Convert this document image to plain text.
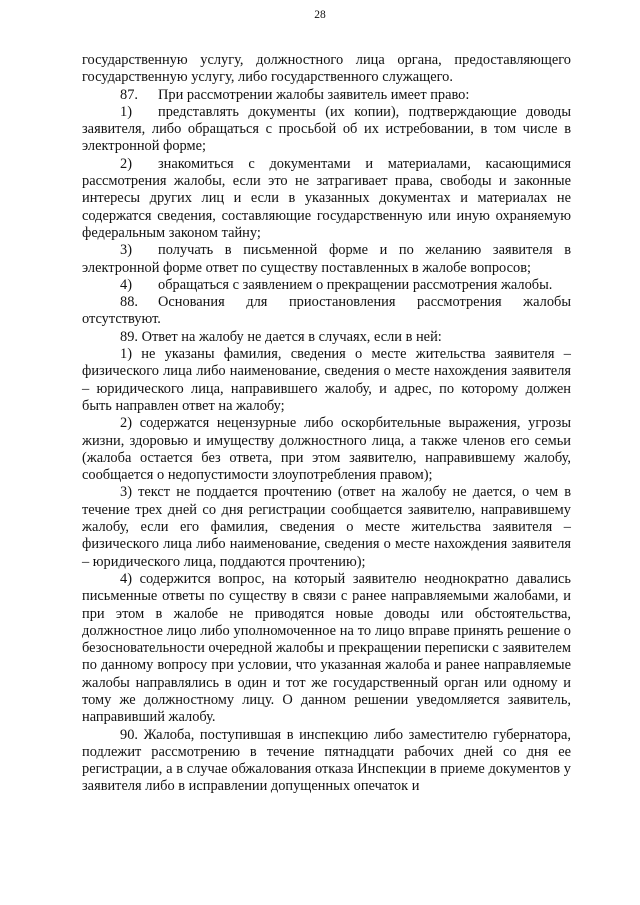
28

государственную услугу, должностного лица органа, предоставляющего государственную услугу, либо государственного служащего.

87. При рассмотрении жалобы заявитель имеет право:

1) представлять документы (их копии), подтверждающие доводы заявителя, либо обращаться с просьбой об их истребовании, в том числе в электронной форме;

2) знакомиться с документами и материалами, касающимися рассмотрения жалобы, если это не затрагивает права, свободы и законные интересы других лиц и если в указанных документах и материалах не содержатся сведения, составляющие государственную или иную охраняемую федеральным законом тайну;

3) получать в письменной форме и по желанию заявителя в электронной форме ответ по существу поставленных в жалобе вопросов;

4) обращаться с заявлением о прекращении рассмотрения жалобы.

88. Основания для приостановления рассмотрения жалобы отсутствуют.

89. Ответ на жалобу не дается в случаях, если в ней:

1) не указаны фамилия, сведения о месте жительства заявителя – физического лица либо наименование, сведения о месте нахождения заявителя – юридического лица, направившего жалобу, и адрес, по которому должен быть направлен ответ на жалобу;

2) содержатся нецензурные либо оскорбительные выражения, угрозы жизни, здоровью и имуществу должностного лица, а также членов его семьи (жалоба остается без ответа, при этом заявителю, направившему жалобу, сообщается о недопустимости злоупотребления правом);

3) текст не поддается прочтению (ответ на жалобу не дается, о чем в течение трех дней со дня регистрации сообщается заявителю, направившему жалобу, если его фамилия, сведения о месте жительства заявителя – физического лица либо наименование, сведения о месте нахождения заявителя – юридического лица, поддаются прочтению);

4) содержится вопрос, на который заявителю неоднократно давались письменные ответы по существу в связи с ранее направляемыми жалобами, и при этом в жалобе не приводятся новые доводы или обстоятельства, должностное лицо либо уполномоченное на то лицо вправе принять решение о безосновательности очередной жалобы и прекращении переписки с заявителем по данному вопросу при условии, что указанная жалоба и ранее направляемые жалобы направлялись в один и тот же государственный орган или одному и тому же должностному лицу. О данном решении уведомляется заявитель, направивший жалобу.

90. Жалоба, поступившая в инспекцию либо заместителю губернатора, подлежит рассмотрению в течение пятнадцати рабочих дней со дня ее регистрации, а в случае обжалования отказа Инспекции в приеме документов у заявителя либо в исправлении допущенных опечаток и
